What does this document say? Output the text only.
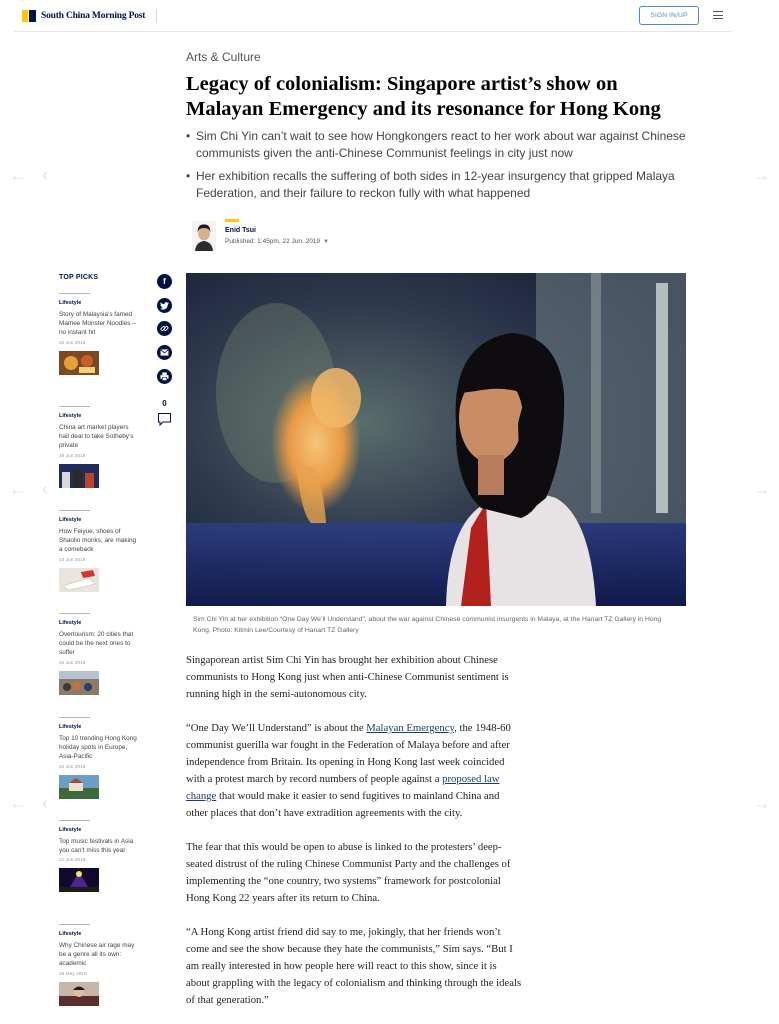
South China Morning Post	SIGN IN/UP
← ‹	→
← ‹	→
← ‹	→
Arts & Culture
Legacy of colonialism: Singapore artist’s show on Malayan Emergency and its resonance for Hong Kong
• Sim Chi Yin can’t wait to see how Hongkongers react to her work about war against Chinese communists given the anti-Chinese Communist feelings in city just now
• Her exhibition recalls the suffering of both sides in 12-year insurgency that gripped Malaya Federation, and their failure to reckon fully with what happened
Enid Tsui
Published: 1:45pm, 22 Jun, 2019 ▼
TOP PICKS
Lifestyle
Story of Malaysia’s famed Mamee Monster Noodles – no instant hit
22 Jun 2019
Lifestyle
China art market players hail deal to take Sotheby’s private
29 Jun 2019
Lifestyle
How Feiyue, shoes of Shaolin monks, are making a comeback
23 Jun 2019
Lifestyle
Overtourism: 20 cities that could be the next ones to suffer
24 Jun 2019
Lifestyle
Top 10 trending Hong Kong holiday spots in Europe, Asia-Pacific
22 Jun 2019
Lifestyle
Top music festivals in Asia you can’t miss this year
21 Jun 2019
Lifestyle
Why Chinese air rage may be a genre all its own: academic
26 May 2019
f
0
Sim Chi Yin at her exhibition “One Day We’ll Understand”, about the war against Chinese communist insurgents in Malaya, at the Hanart TZ Gallery in Hong Kong. Photo: Kitmin Lee/Courtesy of Hanart TZ Gallery

Singaporean artist Sim Chi Yin has brought her exhibition about Chinese communists to Hong Kong just when anti-Chinese Communist sentiment is running high in the semi-autonomous city.

“One Day We’ll Understand” is about the Malayan Emergency, the 1948-60 communist guerilla war fought in the Federation of Malaya before and after independence from Britain. Its opening in Hong Kong last week coincided with a protest march by record numbers of people against a proposed law change that would make it easier to send fugitives to mainland China and other places that don’t have extradition agreements with the city.

The fear that this would be open to abuse is linked to the protesters’ deep-seated distrust of the ruling Chinese Communist Party and the challenges of implementing the “one country, two systems” framework for postcolonial Hong Kong 22 years after its return to China.

“A Hong Kong artist friend did say to me, jokingly, that her friends won’t come and see the show because they hate the communists,” Sim says. “But I am really interested in how people here will react to this show, since it is about grappling with the legacy of colonialism and thinking through the ideals of that generation.”
